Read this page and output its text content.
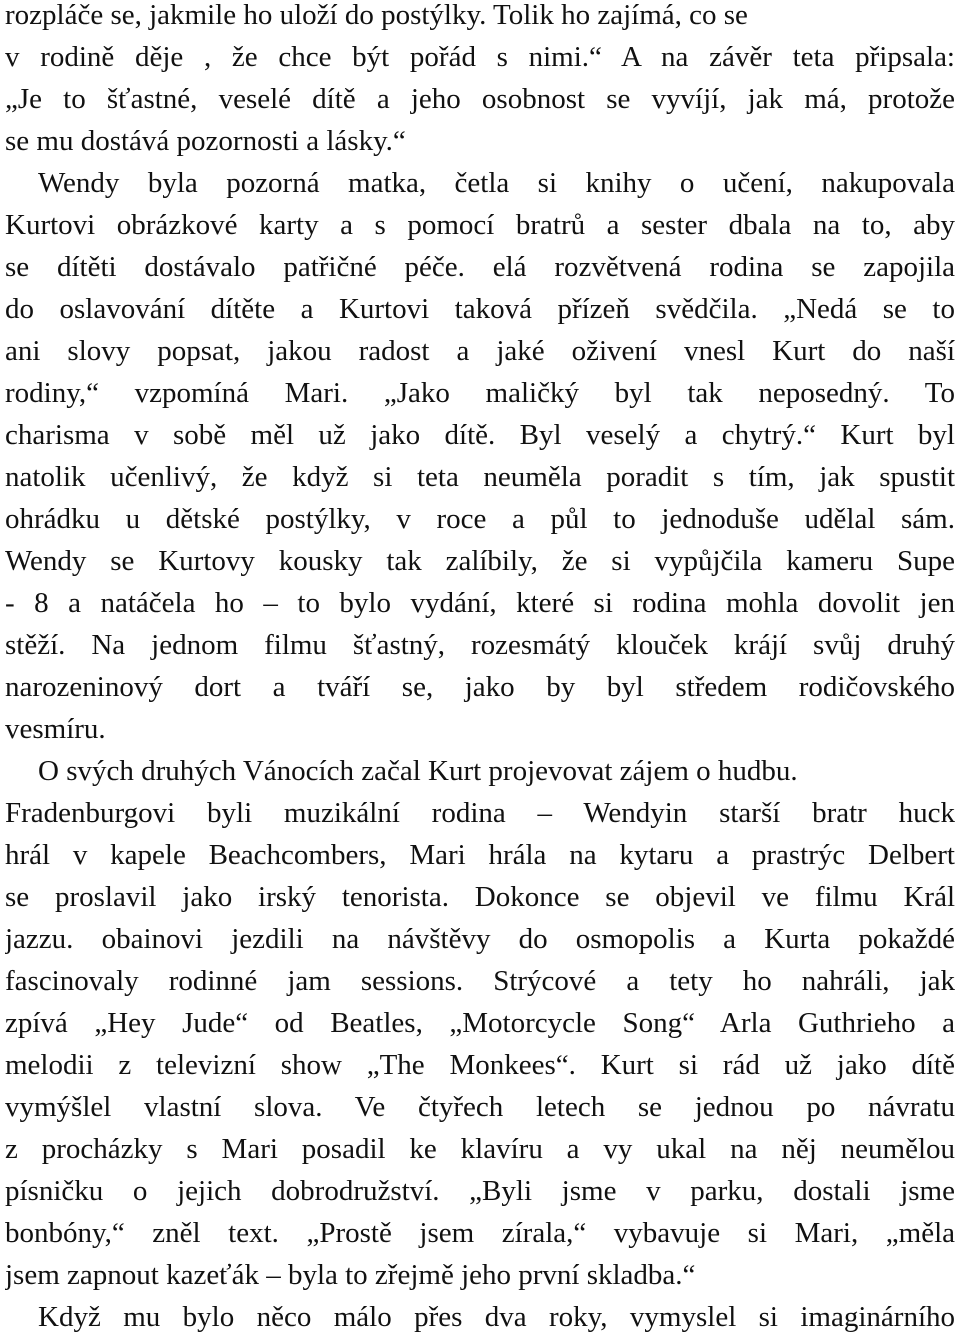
rozpláče se, jakmile ho uloží do postýlky. Tolik ho zajímá, co se
v rodině děje , že chce být pořád s nimi.“ A na závěr teta připsala:
„Je to šťastné, veselé dítě a jeho osobnost se vyvíjí, jak má, protože
se mu dostává pozornosti a lásky.“
Wendy byla pozorná matka, četla si knihy o učení, nakupovala
Kurtovi obrázkové karty a s pomocí bratrů a sester dbala na to, aby
se dítěti dostávalo patřičné péče. elá rozvětvená rodina se zapojila
do oslavování dítěte a Kurtovi taková přízeň svědčila. „Nedá se to
ani slovy popsat, jakou radost a jaké oživení vnesl Kurt do naší
rodiny,“ vzpomíná Mari. „Jako maličký byl tak neposedný. To
charisma v sobě měl už jako dítě. Byl veselý a chytrý.“ Kurt byl
natolik učenlivý, že když si teta neuměla poradit s tím, jak spustit
ohrádku u dětské postýlky, v roce a půl to jednoduše udělal sám.
Wendy se Kurtovy kousky tak zalíbily, že si vypůjčila kameru Supe
- 8 a natáčela ho – to bylo vydání, které si rodina mohla dovolit jen
stěží. Na jednom filmu šťastný, rozesmátý klouček krájí svůj druhý
narozeninový dort a tváří se, jako by byl středem rodičovského
vesmíru.
O svých druhých Vánocích začal Kurt projevovat zájem o hudbu.
Fradenburgovi byli muzikální rodina – Wendyin starší bratr huck
hrál v kapele Beachcombers, Mari hrála na kytaru a prastrýc Delbert
se proslavil jako irský tenorista. Dokonce se objevil ve filmu Král
jazzu. obainovi jezdili na návštěvy do osmopolis a Kurta pokaždé
fascinovaly rodinné jam sessions. Strýcové a tety ho nahráli, jak
zpívá „Hey Jude“ od Beatles, „Motorcycle Song“ Arla Guthrieho a
melodii z televizní show „The Monkees“. Kurt si rád už jako dítě
vymýšlel vlastní slova. Ve čtyřech letech se jednou po návratu
z procházky s Mari posadil ke klavíru a vy ukal na něj neumělou
písničku o jejich dobrodružství. „Byli jsme v parku, dostali jsme
bonbóny,“ zněl text. „Prostě jsem zírala,“ vybavuje si Mari, „měla
jsem zapnout kazeťák – byla to zřejmě jeho první skladba.“
Když mu bylo něco málo přes dva roky, vymyslel si imaginárního
